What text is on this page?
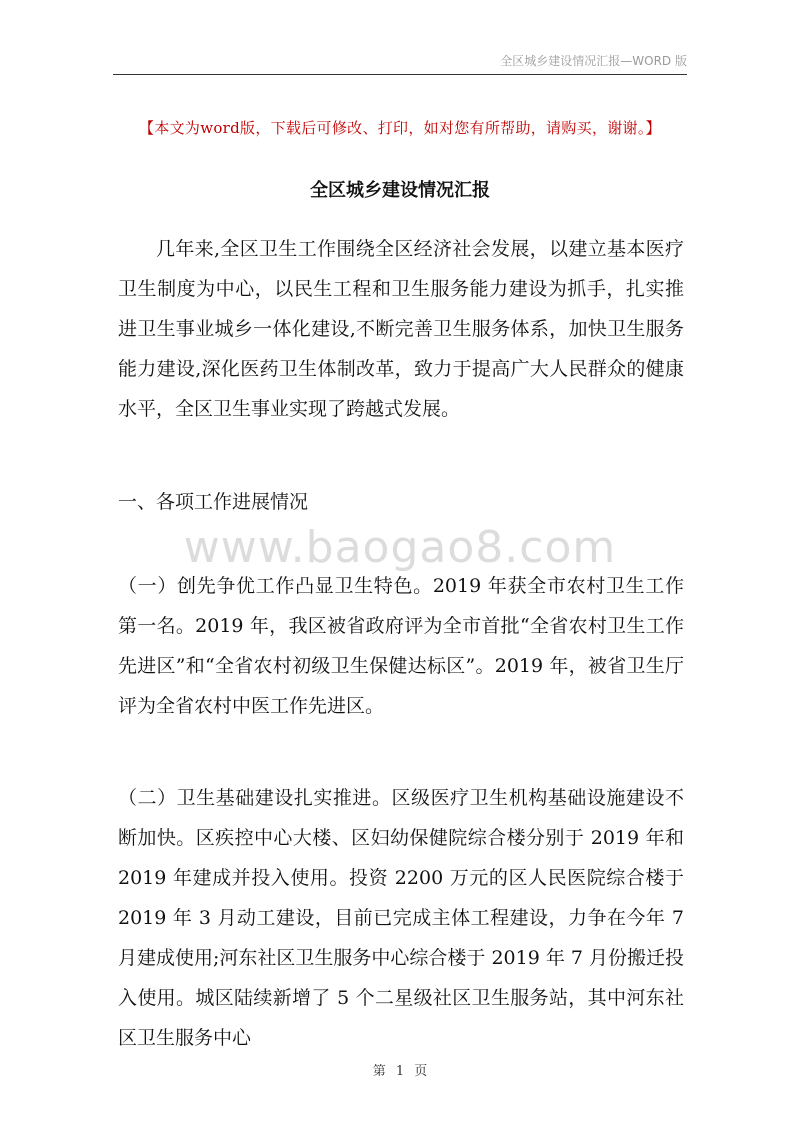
全区城乡建设情况汇报—WORD 版
【本文为word版，下载后可修改、打印，如对您有所帮助，请购买，谢谢。】
全区城乡建设情况汇报

几年来,全区卫生工作围绕全区经济社会发展，以建立基本医疗卫生制度为中心，以民生工程和卫生服务能力建设为抓手，扎实推进卫生事业城乡一体化建设,不断完善卫生服务体系，加快卫生服务能力建设,深化医药卫生体制改革，致力于提高广大人民群众的健康水平，全区卫生事业实现了跨越式发展。

一、各项工作进展情况

www.baogao8.com

（一）创先争优工作凸显卫生特色。2019 年获全市农村卫生工作第一名。2019 年，我区被省政府评为全市首批“全省农村卫生工作先进区”和“全省农村初级卫生保健达标区”。2019 年，被省卫生厅评为全省农村中医工作先进区。

（二）卫生基础建设扎实推进。区级医疗卫生机构基础设施建设不断加快。区疾控中心大楼、区妇幼保健院综合楼分别于 2019 年和 2019 年建成并投入使用。投资 2200 万元的区人民医院综合楼于 2019 年 3 月动工建设，目前已完成主体工程建设，力争在今年 7 月建成使用;河东社区卫生服务中心综合楼于 2019 年 7 月份搬迁投入使用。城区陆续新增了 5 个二星级社区卫生服务站，其中河东社区卫生服务中心

第 1 页
